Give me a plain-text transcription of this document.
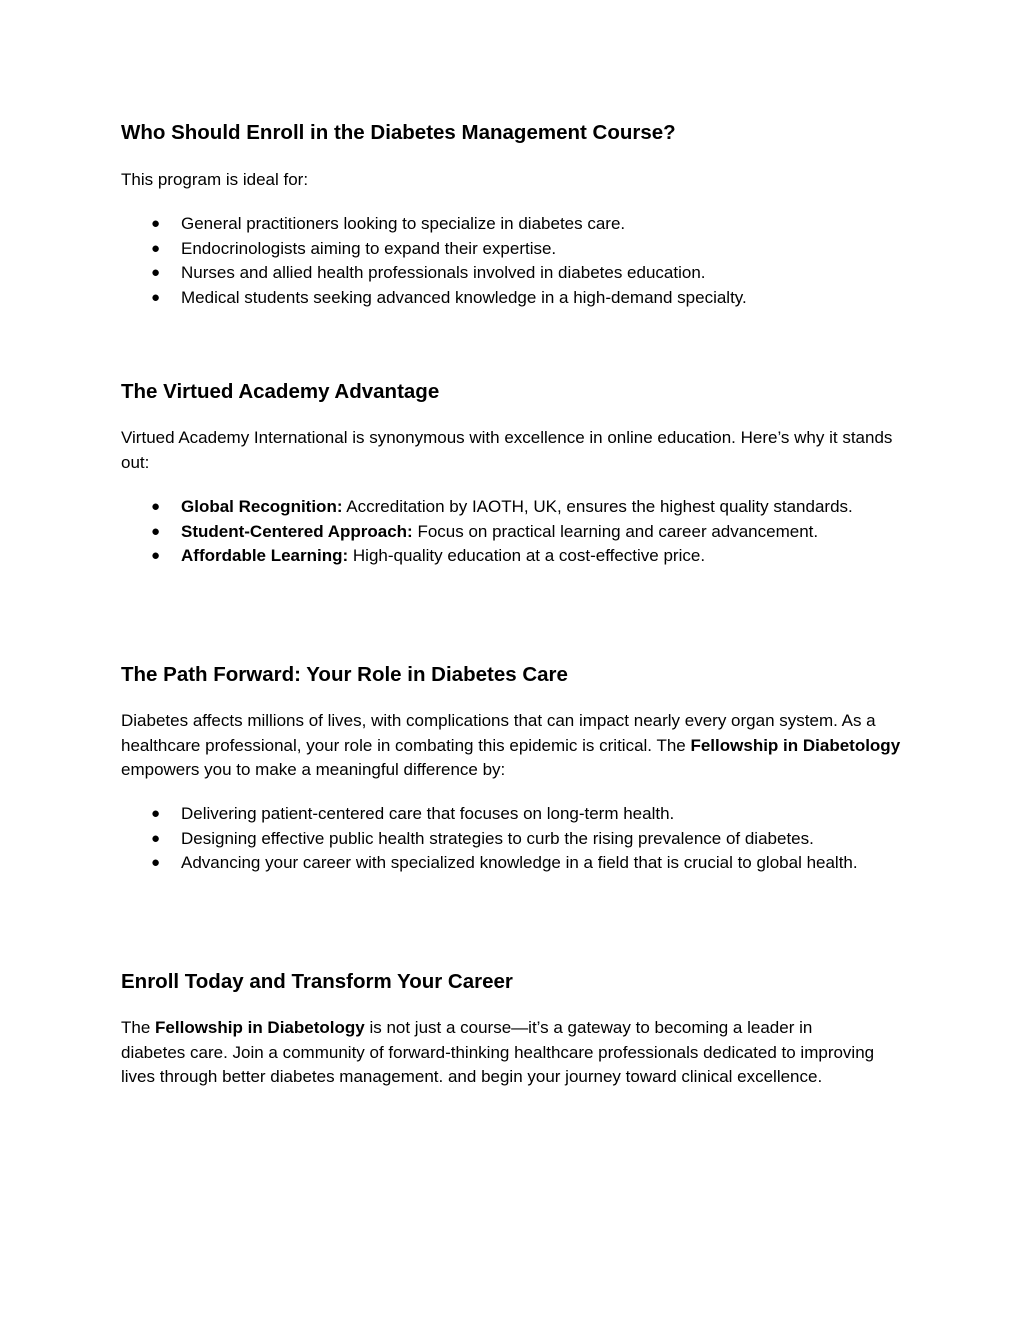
Who Should Enroll in the Diabetes Management Course?

This program is ideal for:

● General practitioners looking to specialize in diabetes care.
● Endocrinologists aiming to expand their expertise.
● Nurses and allied health professionals involved in diabetes education.
● Medical students seeking advanced knowledge in a high-demand specialty.
The Virtued Academy Advantage

Virtued Academy International is synonymous with excellence in online education. Here’s why it stands out:

● Global Recognition: Accreditation by IAOTH, UK, ensures the highest quality standards.
● Student-Centered Approach: Focus on practical learning and career advancement.
● Affordable Learning: High-quality education at a cost-effective price.
The Path Forward: Your Role in Diabetes Care

Diabetes affects millions of lives, with complications that can impact nearly every organ system. As a healthcare professional, your role in combating this epidemic is critical. The Fellowship in Diabetology empowers you to make a meaningful difference by:

● Delivering patient-centered care that focuses on long-term health.
● Designing effective public health strategies to curb the rising prevalence of diabetes.
● Advancing your career with specialized knowledge in a field that is crucial to global health.
Enroll Today and Transform Your Career

The Fellowship in Diabetology is not just a course—it’s a gateway to becoming a leader in diabetes care. Join a community of forward-thinking healthcare professionals dedicated to improving lives through better diabetes management. and begin your journey toward clinical excellence.
